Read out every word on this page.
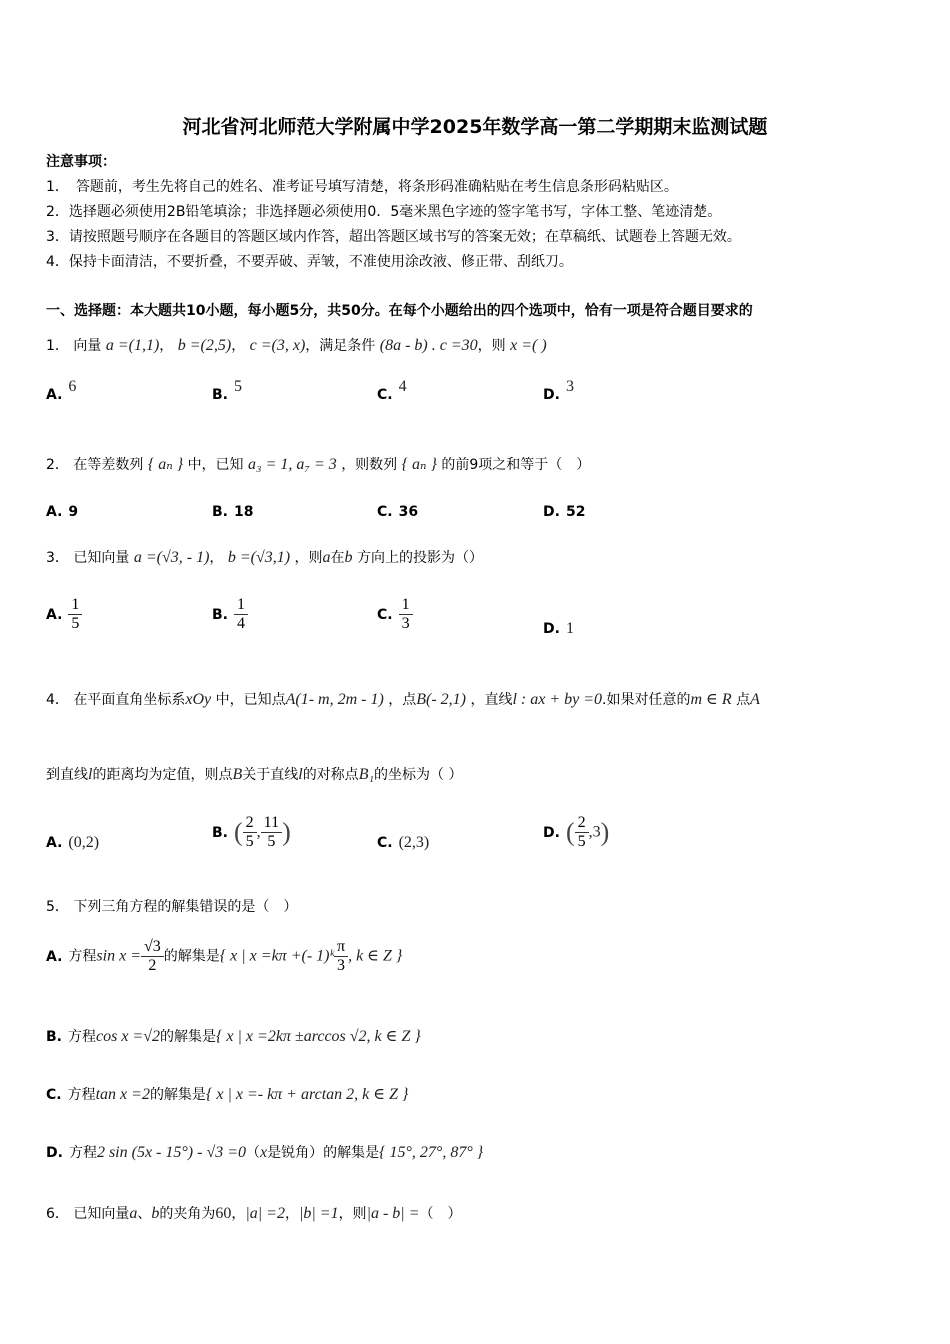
河北省河北师范大学附属中学2025年数学高一第二学期期末监测试题
注意事项：
1．　答题前，考生先将自己的姓名、准考证号填写清楚，将条形码准确粘贴在考生信息条形码粘贴区。
2．选择题必须使用2B铅笔填涂；非选择题必须使用0．5毫米黑色字迹的签字笔书写，字体工整、笔迹清楚。
3．请按照题号顺序在各题目的答题区域内作答，超出答题区域书写的答案无效；在草稿纸、试题卷上答题无效。
4．保持卡面清洁，不要折叠，不要弄破、弄皱，不准使用涂改液、修正带、刮纸刀。
一、选择题：本大题共10小题，每小题5分，共50分。在每个小题给出的四个选项中，恰有一项是符合题目要求的
1． 向量 a =(1,1)， b =(2,5)， c =(3, x)，满足条件 (8a - b) . c =30，则 x =( )
A. 6	B. 5	C. 4	D. 3
2． 在等差数列 { aₙ } 中，已知 a₃ = 1, a₇ = 3 ，则数列 { aₙ } 的前9项之和等于（　）
A. 9	B. 18	C. 36	D. 52
3． 已知向量 a =(√3, - 1)， b =(√3,1) ，则a在b 方向上的投影为（）
A. $\frac{1}{5}$	B. $\frac{1}{4}$	C. $\frac{1}{3}$	D. 1
4． 在平面直角坐标系xOy 中，已知点A(1- m, 2m - 1) ，点B(- 2,1) ，直线l : ax + by =0.如果对任意的m ∈ R 点A
到直线l的距离均为定值，则点B关于直线l的对称点B₁的坐标为（ ）
A. (0,2)
B. ( $\frac{2}{5}$ , $\frac{11}{5}$ )	C. (2,3)
D. ( $\frac{2}{5} ,3$)
5． 下列三角方程的解集错误的是（　）
A. 方程$\sin x = \frac{√3}{2}$ 的解集是{ x | x =kπ +(- 1)ᵏ $\frac{\pi}{3}$ , k ∈ Z }
B. 方程cos x =√2的解集是{ x | x =2kπ ±arccos √2, k ∈ Z }
C. 方程tan x =2的解集是{ x | x =- kπ + arctan 2, k ∈ Z }
D. 方程2 sin (5x - 15°) - √3 =0（x是锐角）的解集是{ 15°, 27°, 87° }
6． 已知向量a、b的夹角为60，|a| =2，|b| =1，则|a - b| =（　）
